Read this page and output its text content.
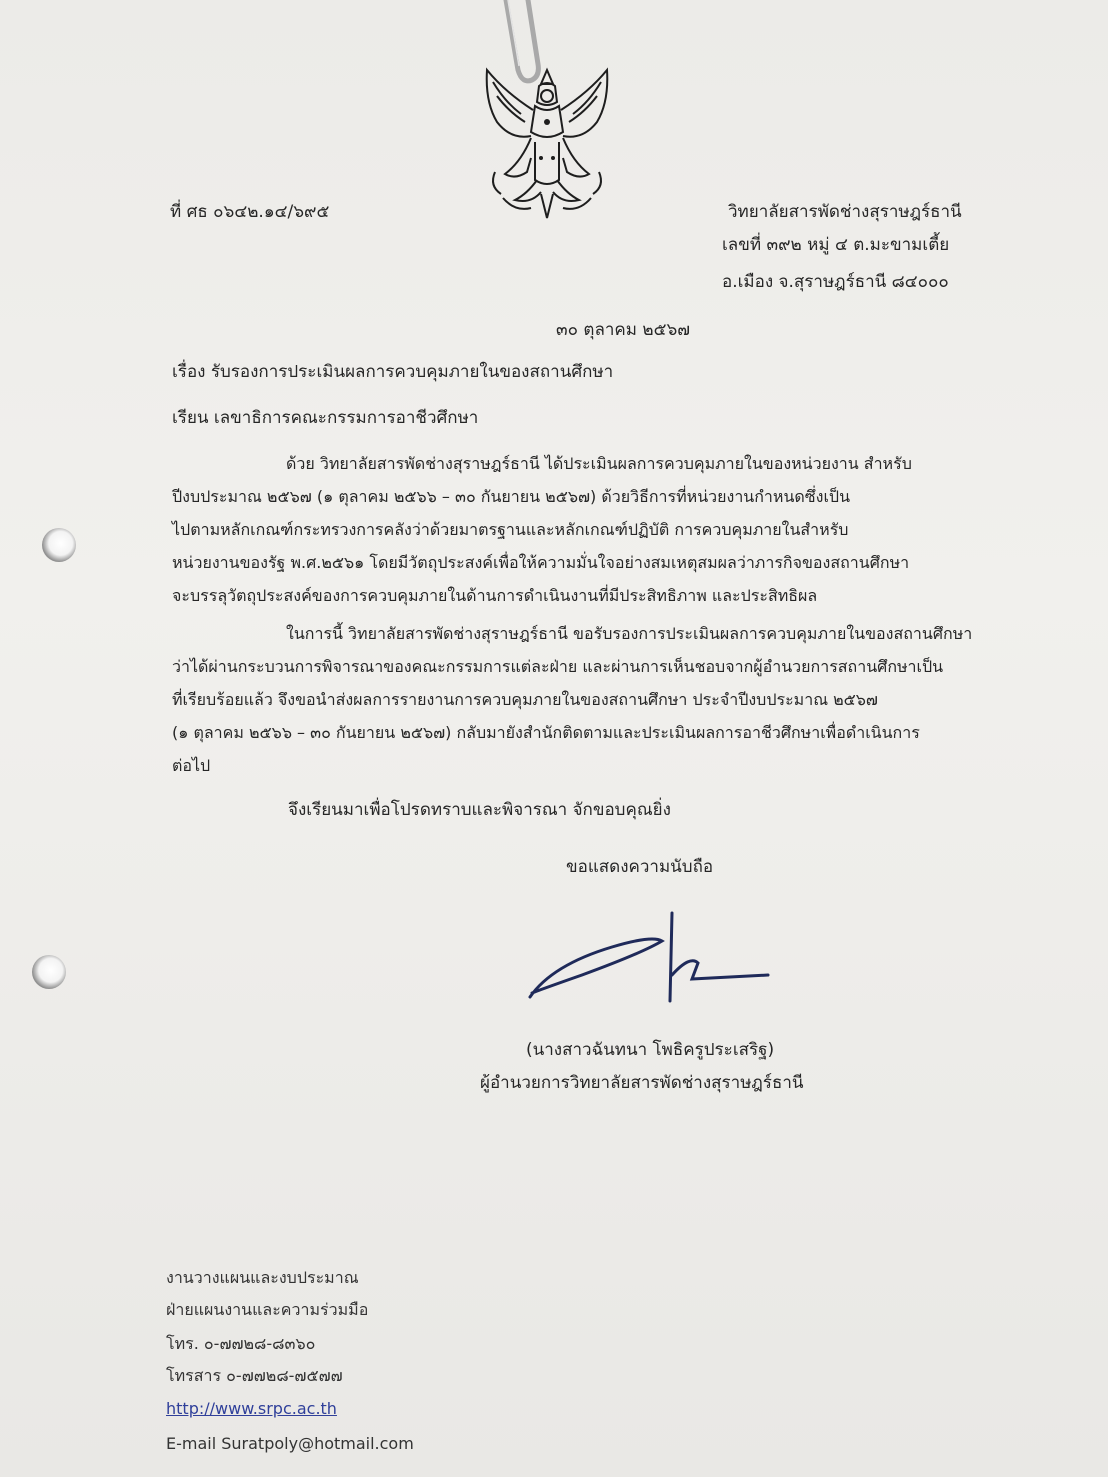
ที่ ศธ ๐๖๔๒.๑๔/๖๙๕	วิทยาลัยสารพัดช่างสุราษฎร์ธานี
เลขที่ ๓๙๒ หมู่ ๔ ต.มะขามเตี้ย
อ.เมือง จ.สุราษฎร์ธานี ๘๔๐๐๐
๓๐ ตุลาคม ๒๕๖๗
เรื่อง รับรองการประเมินผลการควบคุมภายในของสถานศึกษา
เรียน เลขาธิการคณะกรรมการอาชีวศึกษา
ด้วย วิทยาลัยสารพัดช่างสุราษฎร์ธานี ได้ประเมินผลการควบคุมภายในของหน่วยงาน สำหรับ
ปีงบประมาณ ๒๕๖๗ (๑ ตุลาคม ๒๕๖๖ – ๓๐ กันยายน ๒๕๖๗) ด้วยวิธีการที่หน่วยงานกำหนดซึ่งเป็น
ไปตามหลักเกณฑ์กระทรวงการคลังว่าด้วยมาตรฐานและหลักเกณฑ์ปฏิบัติ การควบคุมภายในสำหรับ
หน่วยงานของรัฐ พ.ศ.๒๕๖๑ โดยมีวัตถุประสงค์เพื่อให้ความมั่นใจอย่างสมเหตุสมผลว่าภารกิจของสถานศึกษา
จะบรรลุวัตถุประสงค์ของการควบคุมภายในด้านการดำเนินงานที่มีประสิทธิภาพ และประสิทธิผล
ในการนี้ วิทยาลัยสารพัดช่างสุราษฎร์ธานี ขอรับรองการประเมินผลการควบคุมภายในของสถานศึกษา
ว่าได้ผ่านกระบวนการพิจารณาของคณะกรรมการแต่ละฝ่าย และผ่านการเห็นชอบจากผู้อำนวยการสถานศึกษาเป็น
ที่เรียบร้อยแล้ว จึงขอนำส่งผลการรายงานการควบคุมภายในของสถานศึกษา ประจำปีงบประมาณ ๒๕๖๗
(๑ ตุลาคม ๒๕๖๖ – ๓๐ กันยายน ๒๕๖๗) กลับมายังสำนักติดตามและประเมินผลการอาชีวศึกษาเพื่อดำเนินการ
ต่อไป
จึงเรียนมาเพื่อโปรดทราบและพิจารณา จักขอบคุณยิ่ง
ขอแสดงความนับถือ
(นางสาวฉันทนา โพธิครูประเสริฐ)
ผู้อำนวยการวิทยาลัยสารพัดช่างสุราษฎร์ธานี
งานวางแผนและงบประมาณ
ฝ่ายแผนงานและความร่วมมือ
โทร. ๐-๗๗๒๘-๘๓๖๐
โทรสาร ๐-๗๗๒๘-๗๕๗๗
http://www.srpc.ac.th
E-mail Suratpoly@hotmail.com
